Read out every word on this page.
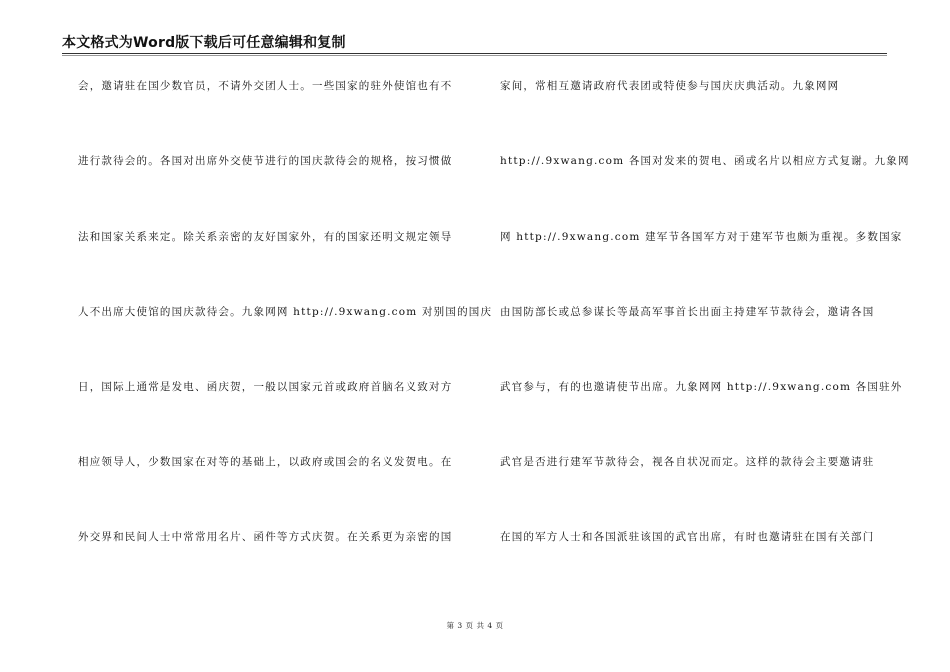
本文格式为Word版下载后可任意编辑和复制
会，邀请驻在国少数官员，不请外交团人士。一些国家的驻外使馆也有不
进行款待会的。各国对出席外交使节进行的国庆款待会的规格，按习惯做
法和国家关系来定。除关系亲密的友好国家外，有的国家还明文规定领导
人不出席大使馆的国庆款待会。九象网网 http://.9xwang.com 对别国的国庆
日，国际上通常是发电、函庆贺，一般以国家元首或政府首脑名义致对方
相应领导人，少数国家在对等的基础上，以政府或国会的名义发贺电。在
外交界和民间人士中常常用名片、函件等方式庆贺。在关系更为亲密的国
家间，常相互邀请政府代表团或特使参与国庆庆典活动。九象网网
http://.9xwang.com 各国对发来的贺电、函或名片以相应方式复谢。九象网
网 http://.9xwang.com 建军节各国军方对于建军节也颇为重视。多数国家
由国防部长或总参谋长等最高军事首长出面主持建军节款待会，邀请各国
武官参与，有的也邀请使节出席。九象网网 http://.9xwang.com 各国驻外
武官是否进行建军节款待会，视各自状况而定。这样的款待会主要邀请驻
在国的军方人士和各国派驻该国的武官出席，有时也邀请驻在国有关部门
第 3 页 共 4 页
